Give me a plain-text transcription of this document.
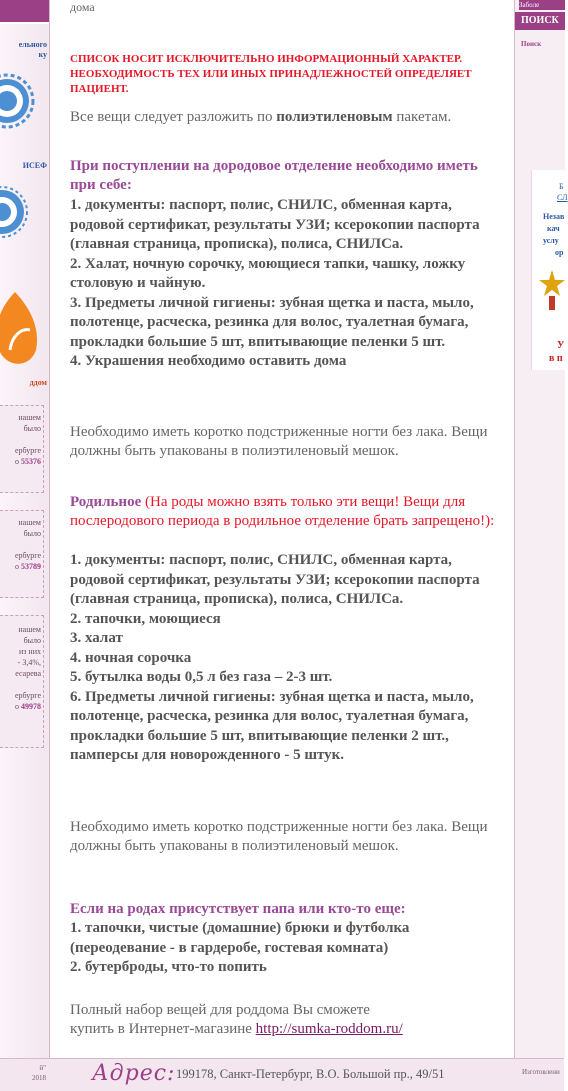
ельного
ку
ИСЕФ
ддом
нашем
было
ербурге
о 55376
нашем
было
ербурге
о 53789
нашем
было
из них
- 3,4%,
есарева
ербурге
о 49978
Заболе
ПОИСК
Поиск
Б
СЛ
Незав
кач
услу
ор
У
в п
дома
СПИСОК НОСИТ ИСКЛЮЧИТЕЛЬНО ИНФОРМАЦИОННЫЙ ХАРАКТЕР. НЕОБХОДИМОСТЬ ТЕХ ИЛИ ИНЫХ ПРИНАДЛЕЖНОСТЕЙ ОПРЕДЕЛЯЕТ ПАЦИЕНТ.
Все вещи следует разложить по полиэтиленовым пакетам.
При поступлении на дородовое отделение необходимо иметь при себе:
1. документы: паспорт, полис, СНИЛС, обменная карта, родовой сертификат, результаты УЗИ; ксерокопии паспорта (главная страница, прописка), полиса, СНИЛСа.
2. Халат, ночную сорочку, моющиеся тапки, чашку, ложку столовую и чайную.
3. Предметы личной гигиены: зубная щетка и паста, мыло, полотенце, расческа, резинка для волос, туалетная бумага, прокладки большие 5 шт, впитывающие пеленки 5 шт.
4. Украшения необходимо оставить дома
Необходимо иметь коротко подстриженные ногти без лака. Вещи должны быть упакованы в полиэтиленовый мешок.
Родильное (На роды можно взять только эти вещи! Вещи для послеродового периода в родильное отделение брать запрещено!):
1. документы: паспорт, полис, СНИЛС, обменная карта, родовой сертификат, результаты УЗИ; ксерокопии паспорта (главная страница, прописка), полиса, СНИЛСа.
2. тапочки, моющиеся
3. халат
4. ночная сорочка
5. бутылка воды 0,5 л без газа – 2-3 шт.
6. Предметы личной гигиены: зубная щетка и паста, мыло, полотенце, расческа, резинка для волос, туалетная бумага, прокладки большие 5 шт, впитывающие пеленки 2 шт., памперсы для новорожденного - 5 штук.
Необходимо иметь коротко подстриженные ногти без лака. Вещи должны быть упакованы в полиэтиленовый мешок.
Если на родах присутствует папа или кто-то еще:
1. тапочки, чистые (домашние) брюки и футболка (переодевание - в гардеробе, гостевая комната)
2. бутерброды, что-то попить
Полный набор вещей для роддома Вы сможете
купить в Интернет-магазине http://sumka-roddom.ru/
й"
2018 Адрес: 199178, Санкт-Петербург, В.О. Большой пр., 49/51	Изготовлени
